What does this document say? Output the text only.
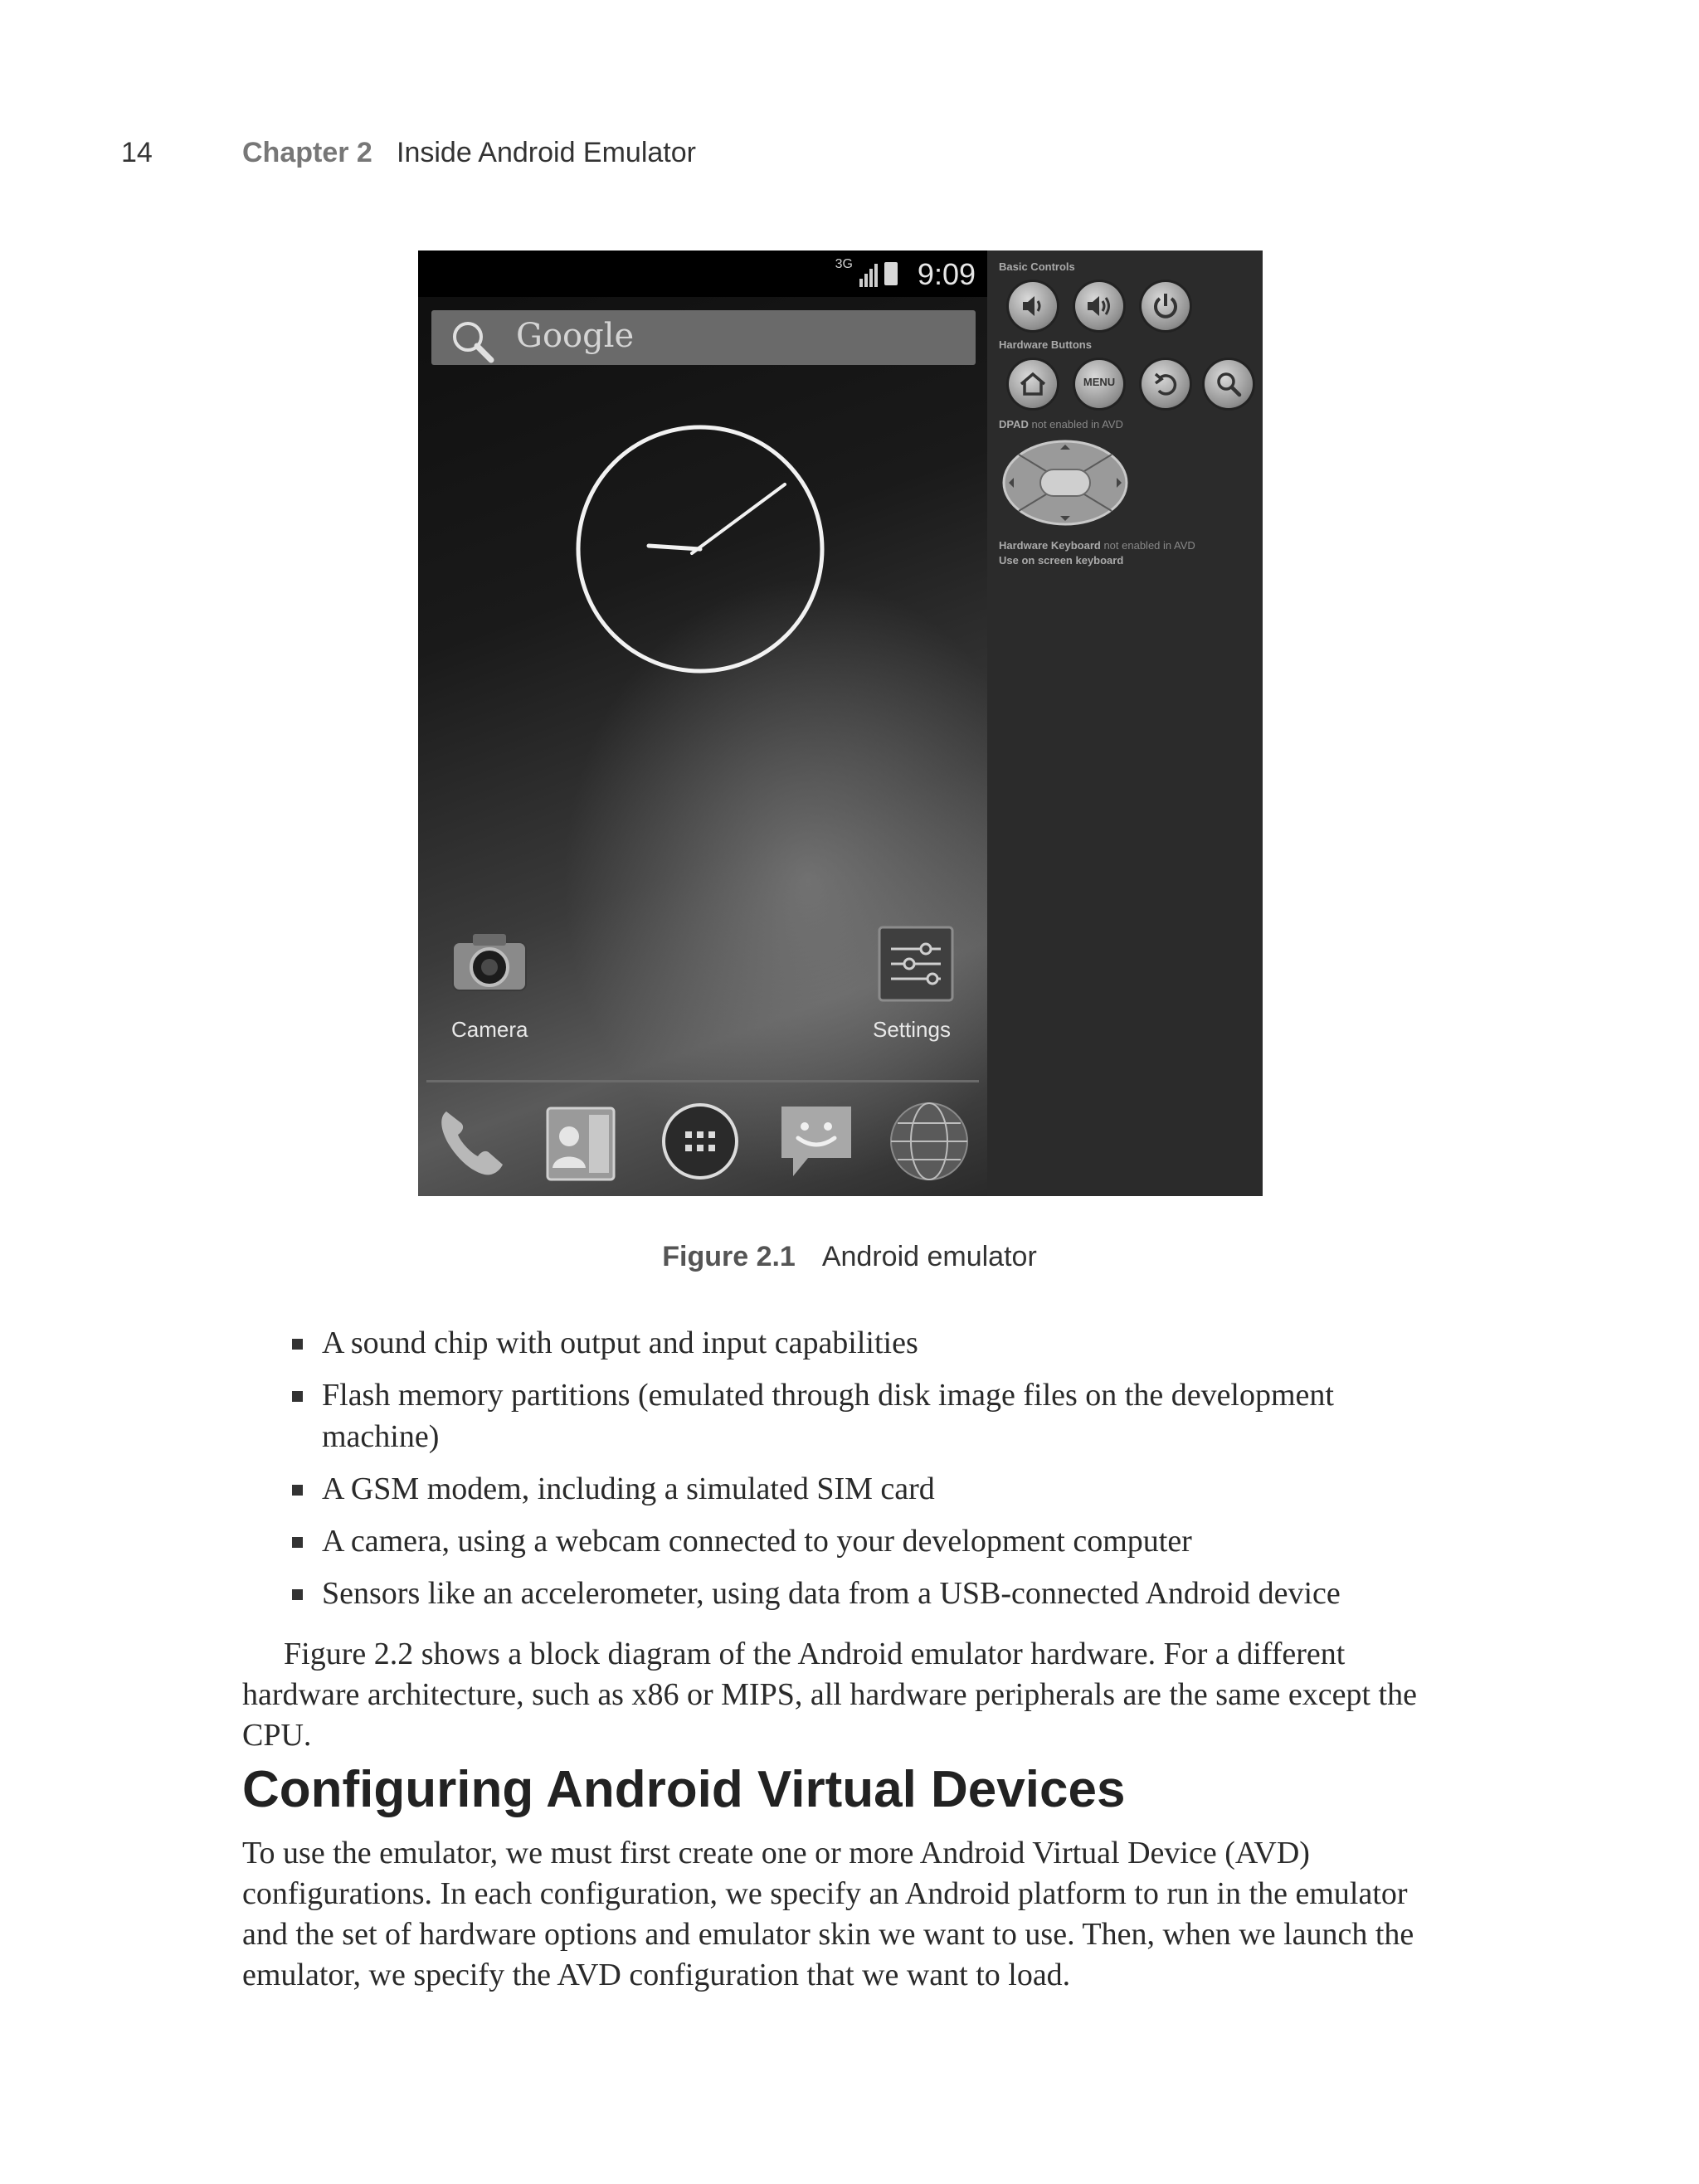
14	Chapter 2 Inside Android Emulator
3G 9:09
Google
Camera	Settings
Basic Controls
Hardware Buttons
MENU
DPAD not enabled in AVD
Hardware Keyboard not enabled in AVD
Use on screen keyboard
Figure 2.1 Android emulator
A sound chip with output and input capabilities
Flash memory partitions (emulated through disk image files on the development machine)
A GSM modem, including a simulated SIM card
A camera, using a webcam connected to your development computer
Sensors like an accelerometer, using data from a USB-connected Android device

Figure 2.2 shows a block diagram of the Android emulator hardware. For a different hardware architecture, such as x86 or MIPS, all hardware peripherals are the same except the CPU.

Configuring Android Virtual Devices

To use the emulator, we must first create one or more Android Virtual Device (AVD) configurations. In each configuration, we specify an Android platform to run in the emulator and the set of hardware options and emulator skin we want to use. Then, when we launch the emulator, we specify the AVD configuration that we want to load.
